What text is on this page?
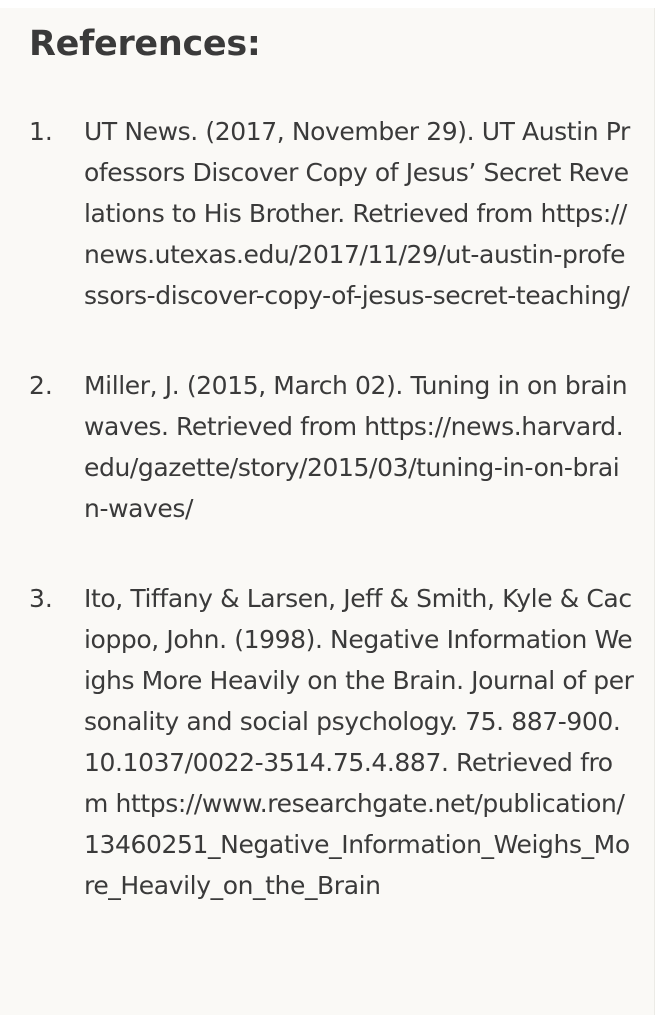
References:
1.	UT News. (2017, November 29). UT Austin Professors Discover Copy of Jesus’ Secret Revelations to His Brother. Retrieved from https://news.utexas.edu/2017/11/29/ut-austin-professors-discover-copy-of-jesus-secret-teaching/

2.	Miller, J. (2015, March 02). Tuning in on brain waves. Retrieved from https://news.harvard.edu/gazette/story/2015/03/tuning-in-on-brain-waves/

3.	Ito, Tiffany & Larsen, Jeff & Smith, Kyle & Cacioppo, John. (1998). Negative Information Weighs More Heavily on the Brain. Journal of personality and social psychology. 75. 887-900. 10.1037/0022-3514.75.4.887. Retrieved from https://www.researchgate.net/publication/13460251_Negative_Information_Weighs_More_Heavily_on_the_Brain
